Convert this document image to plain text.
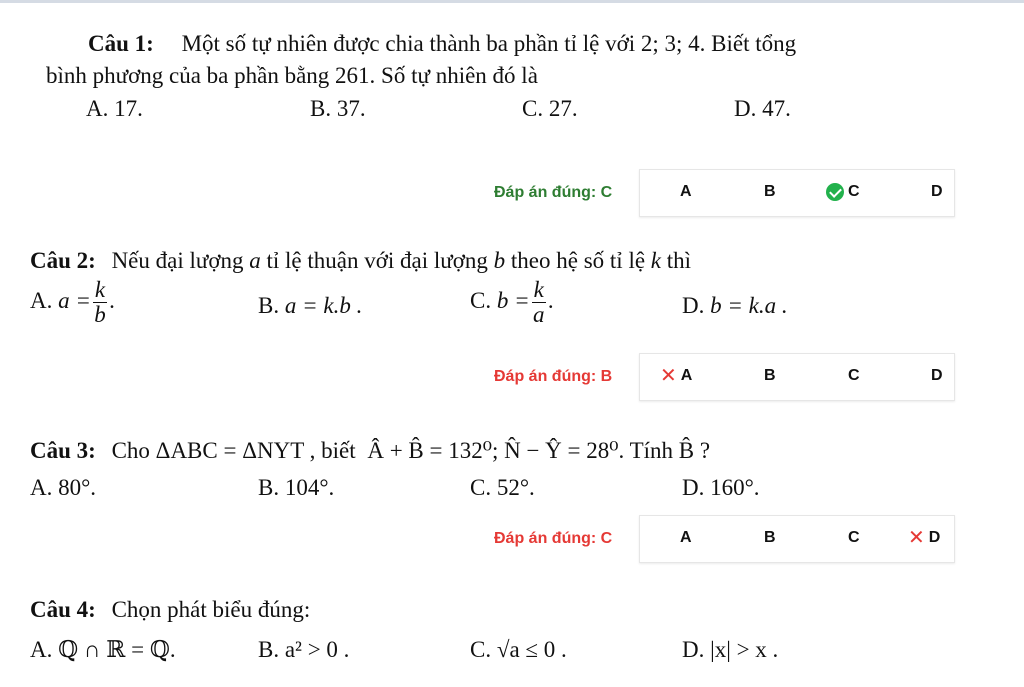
Câu 1: Một số tự nhiên được chia thành ba phần tỉ lệ với 2; 3; 4. Biết tổng
bình phương của ba phần bằng 261. Số tự nhiên đó là
A. 17.	B. 37.	C. 27.	D. 47.
Đáp án đúng: C	A	B	C	D
Câu 2: Nếu đại lượng a tỉ lệ thuận với đại lượng b theo hệ số tỉ lệ k thì
A. $a = \frac{k}{b}$ .	B. a = k.b .	C. $b = \frac{k}{a}$ .	D. b = k.a .
Đáp án đúng: B ✕ A	B	C	D
Câu 3: Cho ΔABC = ΔNYT , biết Â + B̂ = 132⁰; N̂ − Ŷ = 28⁰. Tính B̂ ?
A. 80°.	B. 104°.	C. 52°.	D. 160°.
Đáp án đúng: C	A	B	C ✕ D
Câu 4: Chọn phát biểu đúng:
A. ℚ ∩ ℝ = ℚ.	B. a² > 0 .	C. √a ≤ 0 .	D. |x| > x .
